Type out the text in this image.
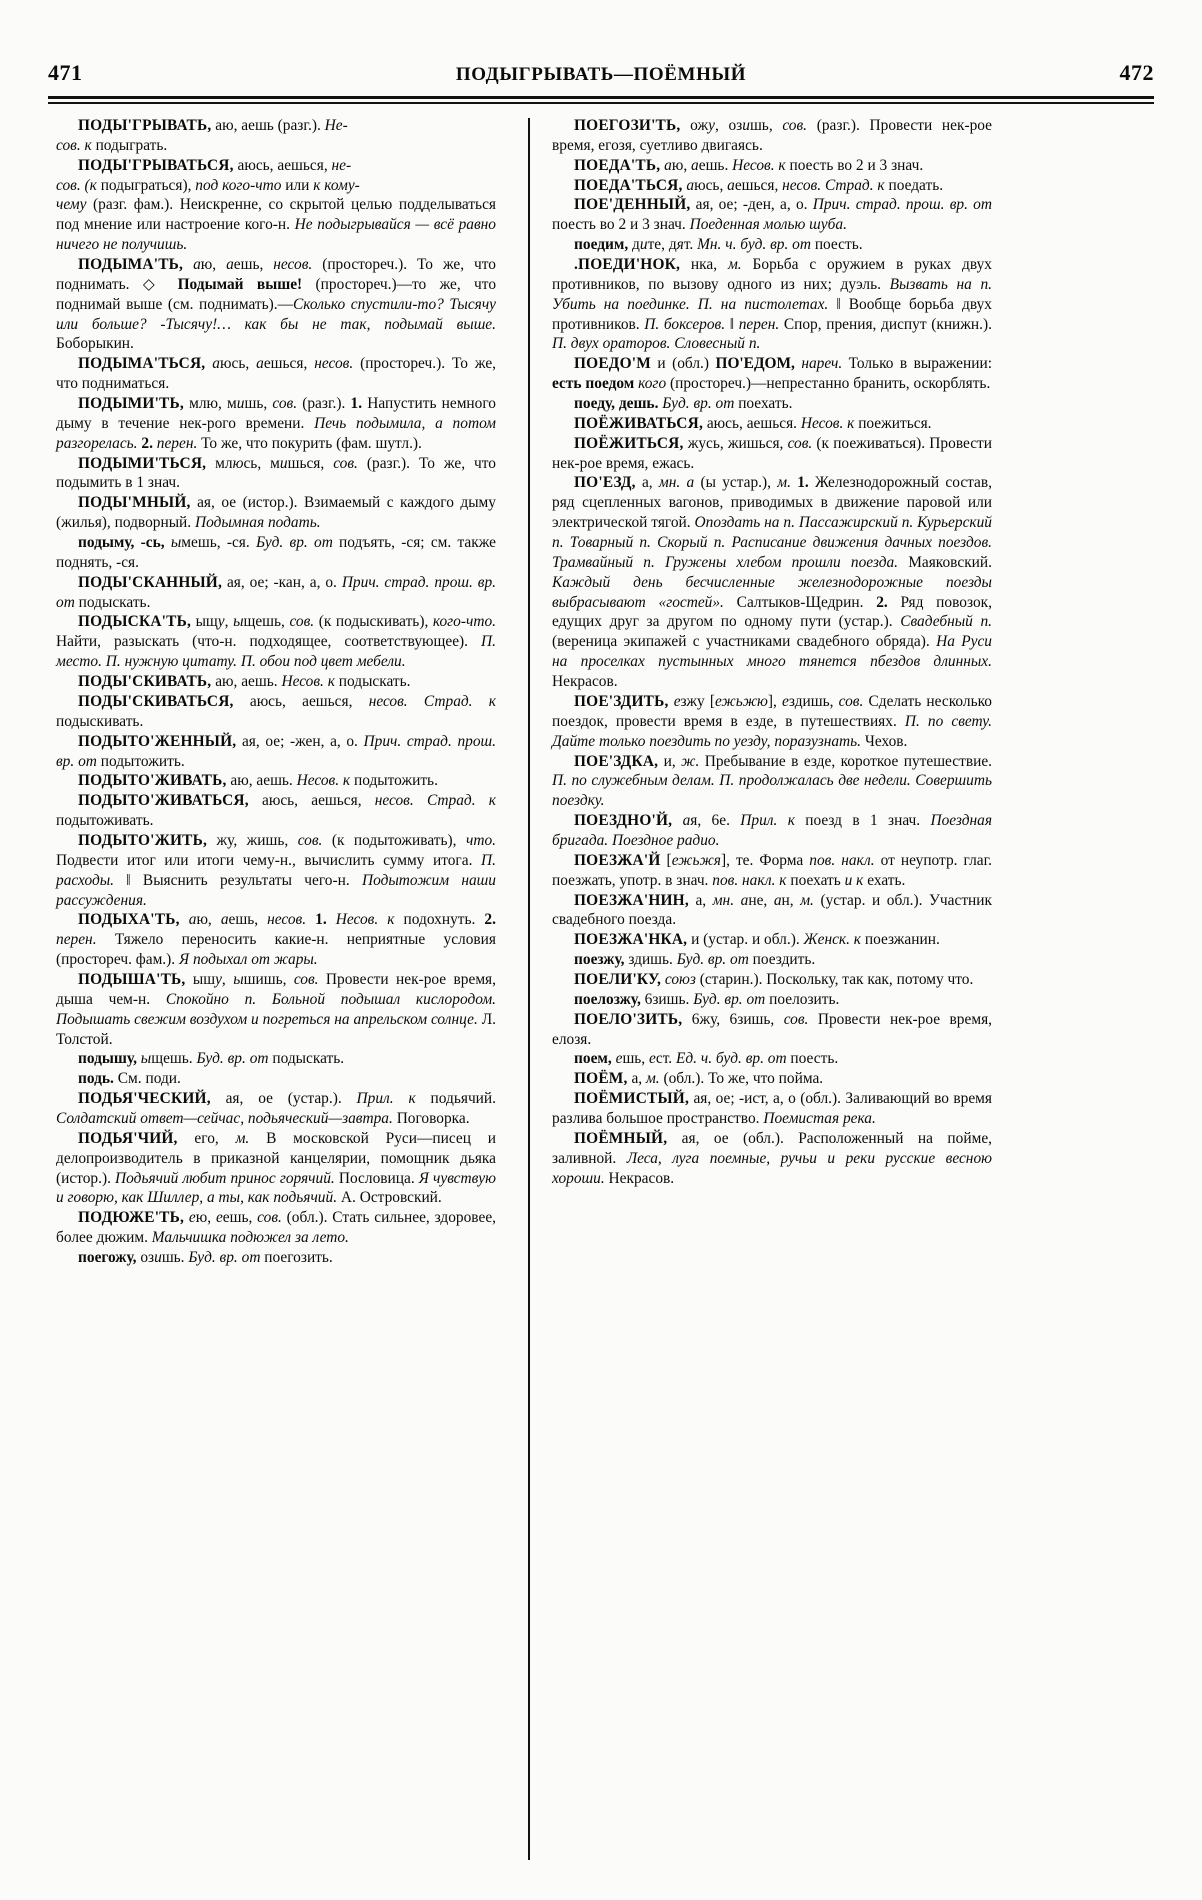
471	ПОДЫГРЫВАТЬ—ПОЁМНЫЙ	472

ПОДЫ'ГРЫВАТЬ, аю, аешь (разг.). Не-
сов. к подыграть.

ПОДЫ'ГРЫВАТЬСЯ, аюсь, аешься, не-
сов. (к подыграться), под кого-что или к кому-
чему (разг. фам.). Неискренне, со скрытой целью подделываться под мнение или настроение кого-н. Не подыгрывайся — всё равно ничего не получишь.

ПОДЫМА'ТЬ, аю, аешь, несов. (простореч.). То же, что поднимать. ◇ Подымай выше! (простореч.)—то же, что поднимай выше (см. поднимать).—Сколько спустили-то? Тысячу или больше? -Тысячу!… как бы не так, подымай выше. Боборыкин.

ПОДЫМА'ТЬСЯ, аюсь, аешься, несов. (простореч.). То же, что подниматься.

ПОДЫМИ'ТЬ, млю, мишь, сов. (разг.). 1. Напустить немного дыму в течение нек-рого времени. Печь подымила, а потом разгорелась. 2. перен. То же, что покурить (фам. шутл.).

ПОДЫМИ'ТЬСЯ, млюсь, мишься, сов. (разг.). То же, что подымить в 1 знач.

ПОДЫ'МНЫЙ, ая, ое (истор.). Взимаемый с каждого дыму (жилья), подворный. Подымная подать.

подыму, -сь, ымешь, -ся. Буд. вр. от подъять, -ся; см. также поднять, -ся.

ПОДЫ'СКАННЫЙ, ая, ое; -кан, а, о. Прич. страд. прош. вр. от подыскать.

ПОДЫСКА'ТЬ, ыщу, ыщешь, сов. (к подыскивать), кого-что. Найти, разыскать (что-н. подходящее, соответствующее). П. место. П. нужную цитату. П. обои под цвет мебели.

ПОДЫ'СКИВАТЬ, аю, аешь. Несов. к подыскать.

ПОДЫ'СКИВАТЬСЯ, аюсь, аешься, несов. Страд. к подыскивать.

ПОДЫТО'ЖЕННЫЙ, ая, ое; -жен, а, о. Прич. страд. прош. вр. от подытожить.

ПОДЫТО'ЖИВАТЬ, аю, аешь. Несов. к подытожить.

ПОДЫТО'ЖИВАТЬСЯ, аюсь, аешься, несов. Страд. к подытоживать.

ПОДЫТО'ЖИТЬ, жу, жишь, сов. (к подытоживать), что. Подвести итог или итоги чему-н., вычислить сумму итога. П. расходы. ‖ Выяснить результаты чего-н. Подытожим наши рассуждения.

ПОДЫХА'ТЬ, аю, аешь, несов. 1. Несов. к подохнуть. 2. перен. Тяжело переносить какие-н. неприятные условия (простореч. фам.). Я подыхал от жары.

ПОДЫША'ТЬ, ышу, ышишь, сов. Провести нек-рое время, дыша чем-н. Спокойно п. Больной подышал кислородом. Подышать свежим воздухом и погреться на апрельском солнце. Л. Толстой.

подышу, ыщешь. Буд. вр. от подыскать.

подь. См. поди.

ПОДЬЯ'ЧЕСКИЙ, ая, ое (устар.). Прил. к подьячий. Солдатский ответ—сейчас, подьяческий—завтра. Поговорка.

ПОДЬЯ'ЧИЙ, его, м. В московской Руси—писец и делопроизводитель в приказной канцелярии, помощник дьяка (истор.). Подьячий любит принос горячий. Пословица. Я чувствую и говорю, как Шиллер, а ты, как подьячий. А. Островский.

ПОДЮЖЕ'ТЬ, ею, еешь, сов. (обл.). Стать сильнее, здоровее, более дюжим. Мальчишка подюжел за лето.

поегожу, озишь. Буд. вр. от поегозить.

ПОЕГОЗИ'ТЬ, ожу, озишь, сов. (разг.). Провести нек-рое время, егозя, суетливо двигаясь.

ПОЕДА'ТЬ, аю, аешь. Несов. к поесть во 2 и 3 знач.

ПОЕДА'ТЬСЯ, аюсь, аешься, несов. Страд. к поедать.

ПОЕ'ДЕННЫЙ, ая, ое; -ден, а, о. Прич. страд. прош. вр. от поесть во 2 и 3 знач. Поеденная молью шуба.

поедим, дите, дят. Мн. ч. буд. вр. от поесть.

.ПОЕДИ'НОК, нка, м. Борьба с оружием в руках двух противников, по вызову одного из них; дуэль. Вызвать на п. Убить на поединке. П. на пистолетах. ‖ Вообще борьба двух противников. П. боксеров. ‖ перен. Спор, прения, диспут (книжн.). П. двух ораторов. Словесный п.

ПОЕДО'М и (обл.) ПО'ЕДОМ, нареч. Только в выражении: есть поедом кого (простореч.)—непрестанно бранить, оскорблять.

поеду, дешь. Буд. вр. от поехать.

ПОЁЖИВАТЬСЯ, аюсь, аешься. Несов. к поежиться.

ПОЁЖИТЬСЯ, жусь, жишься, сов. (к поеживаться). Провести нек-рое время, ежась.

ПО'ЕЗД, а, мн. а (ы устар.), м. 1. Железнодорожный состав, ряд сцепленных вагонов, приводимых в движение паровой или электрической тягой. Опоздать на п. Пассажирский п. Курьерский п. Товарный п. Скорый п. Расписание движения дачных поездов. Трамвайный п. Гружены хлебом прошли поезда. Маяковский. Каждый день бесчисленные железнодорожные поезды выбрасывают «гостей». Салтыков-Щедрин. 2. Ряд повозок, едущих друг за другом по одному пути (устар.). Свадебный п. (вереница экипажей с участниками свадебного обряда). На Руси на проселках пустынных много тянется пбездов длинных. Некрасов.

ПОЕ'ЗДИТЬ, езжу [ежьжю], ездишь, сов. Сделать несколько поездок, провести время в езде, в путешествиях. П. по свету. Дайте только поездить по уезду, поразузнать. Чехов.

ПОЕ'ЗДКА, и, ж. Пребывание в езде, короткое путешествие. П. по служебным делам. П. продолжалась две недели. Совершить поездку.

ПОЕЗДНО'Й, ая, 6е. Прил. к поезд в 1 знач. Поездная бригада. Поездное радио.

ПОЕЗЖА'Й [ежьжя], те. Форма пов. накл. от неупотр. глаг. поезжать, употр. в знач. пов. накл. к поехать и к ехать.

ПОЕЗЖА'НИН, а, мн. ане, ан, м. (устар. и обл.). Участник свадебного поезда.

ПОЕЗЖА'НКА, и (устар. и обл.). Женск. к поезжанин.

поезжу, здишь. Буд. вр. от поездить.

ПОЕЛИ'КУ, союз (старин.). Поскольку, так как, потому что.

поелозжу, 6зишь. Буд. вр. от поелозить.

ПОЕЛО'ЗИТЬ, 6жу, 6зишь, сов. Провести нек-рое время, елозя.

поем, ешь, ест. Ед. ч. буд. вр. от поесть.

ПОЁМ, а, м. (обл.). То же, что пойма.

ПОЁМИСТЫЙ, ая, ое; -ист, а, о (обл.). Заливающий во время разлива большое пространство. Поемистая река.

ПОЁМНЫЙ, ая, ое (обл.). Расположенный на пойме, заливной. Леса, луга поемные, ручьи и реки русские весною хороши. Некрасов.
